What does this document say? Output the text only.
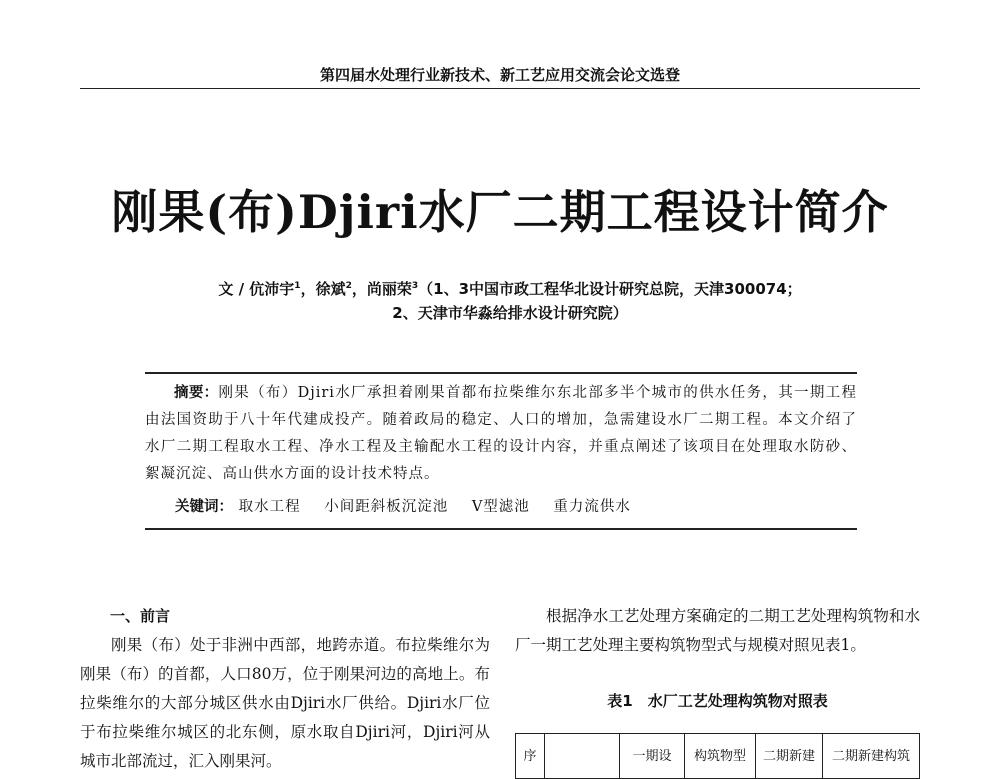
第四届水处理行业新技术、新工艺应用交流会论文选登
刚果(布)Djiri水厂二期工程设计简介
文 / 伉沛宇$^1$，徐斌$^2$，尚丽荣$^3$（1、3中国市政工程华北设计研究总院，天津300074；
2、天津市华淼给排水设计研究院）
摘要：刚果（布）Djiri水厂承担着刚果首都布拉柴维尔东北部多半个城市的供水任务，其一期工程由法国资助于八十年代建成投产。随着政局的稳定、人口的增加，急需建设水厂二期工程。本文介绍了水厂二期工程取水工程、净水工程及主输配水工程的设计内容，并重点阐述了该项目在处理取水防砂、絮凝沉淀、高山供水方面的设计技术特点。
关键词： 取水工程 小间距斜板沉淀池 V型滤池 重力流供水
一、前言
刚果（布）处于非洲中西部，地跨赤道。布拉柴维尔为刚果（布）的首都，人口80万，位于刚果河边的高地上。布拉柴维尔的大部分城区供水由Djiri水厂供给。Djiri水厂位于布拉柴维尔城区的北东侧，原水取自Djiri河，Djiri河从城市北部流过，汇入刚果河。
根据净水工艺处理方案确定的二期工艺处理构筑物和水厂一期工艺处理主要构筑物型式与规模对照见表1。
表1　水厂工艺处理构筑物对照表
序		一期设	构筑物型	二期新建	二期新建构筑
